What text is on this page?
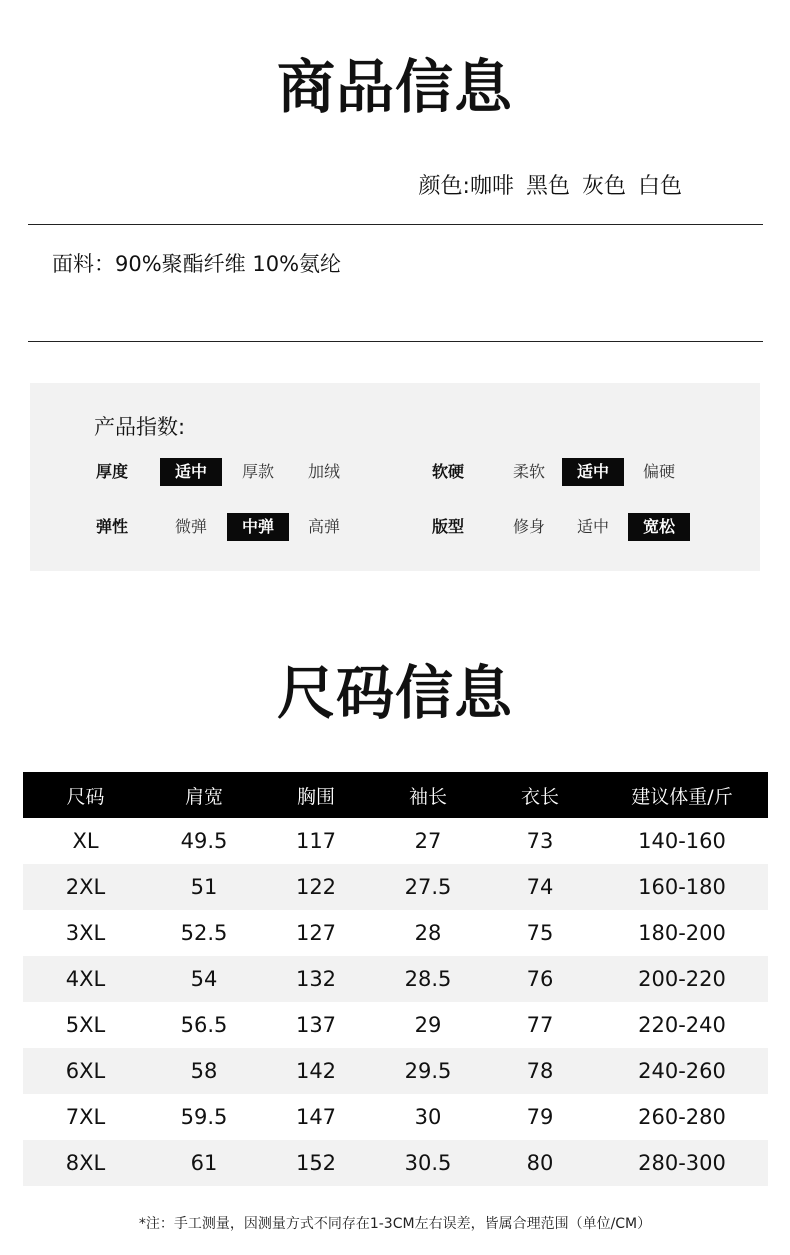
商品信息
颜色:咖啡 黑色 灰色 白色
面料：90%聚酯纤维 10%氨纶
产品指数:
厚度	适中	厚款	加绒	软硬	柔软	适中	偏硬
弹性	微弹	中弹	高弹	版型	修身	适中	宽松
尺码信息
尺码	肩宽	胸围	袖长	衣长	建议体重/斤
XL	49.5	117	27	73	140-160
2XL	51	122	27.5	74	160-180
3XL	52.5	127	28	75	180-200
4XL	54	132	28.5	76	200-220
5XL	56.5	137	29	77	220-240
6XL	58	142	29.5	78	240-260
7XL	59.5	147	30	79	260-280
8XL	61	152	30.5	80	280-300
*注：手工测量，因测量方式不同存在1-3CM左右误差，皆属合理范围（单位/CM）
